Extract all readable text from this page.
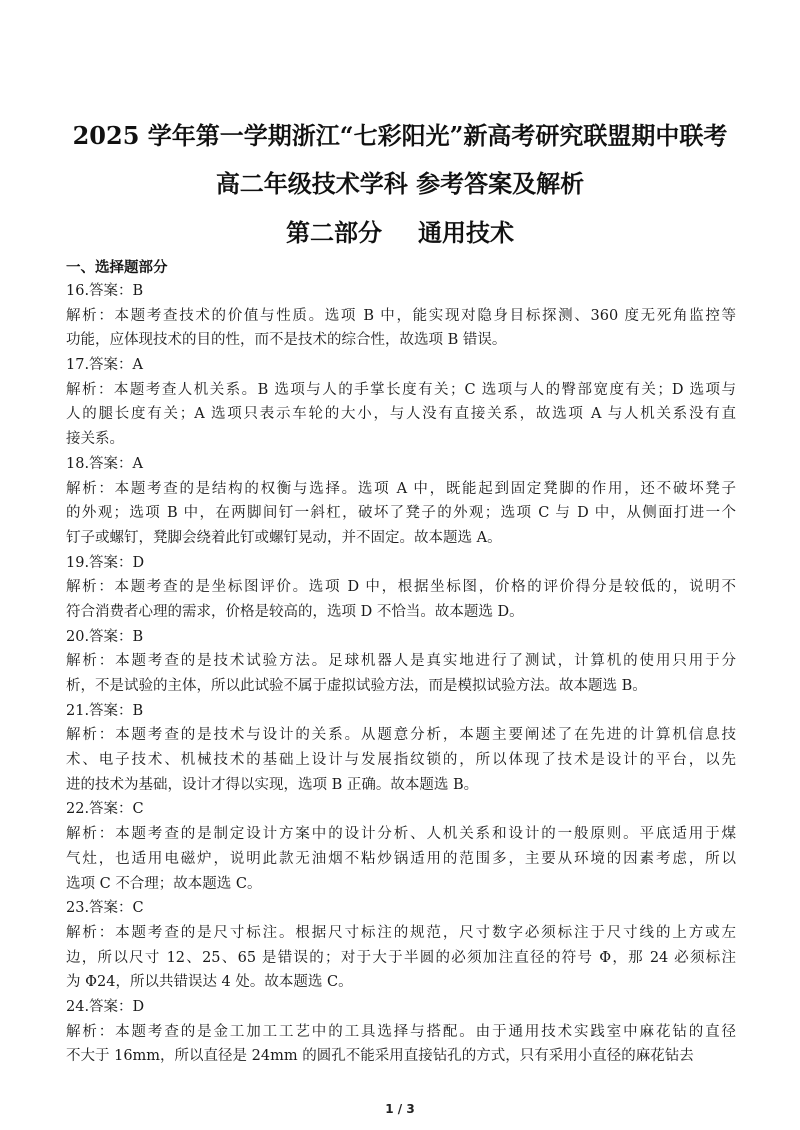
2025 学年第一学期浙江“七彩阳光”新高考研究联盟期中联考
高二年级技术学科 参考答案及解析
第二部分 通用技术
一、选择题部分
16.答案：B
解析：本题考查技术的价值与性质。选项 B 中，能实现对隐身目标探测、360 度无死角监控等
功能，应体现技术的目的性，而不是技术的综合性，故选项 B 错误。
17.答案：A
解析：本题考查人机关系。B 选项与人的手掌长度有关；C 选项与人的臀部宽度有关；D 选项与
人的腿长度有关；A 选项只表示车轮的大小，与人没有直接关系，故选项 A 与人机关系没有直
接关系。
18.答案：A
解析：本题考查的是结构的权衡与选择。选项 A 中，既能起到固定凳脚的作用，还不破坏凳子
的外观；选项 B 中，在两脚间钉一斜杠，破坏了凳子的外观；选项 C 与 D 中，从侧面打进一个
钉子或螺钉，凳脚会绕着此钉或螺钉晃动，并不固定。故本题选 A。
19.答案：D
解析：本题考查的是坐标图评价。选项 D 中，根据坐标图，价格的评价得分是较低的，说明不
符合消费者心理的需求，价格是较高的，选项 D 不恰当。故本题选 D。
20.答案：B
解析：本题考查的是技术试验方法。足球机器人是真实地进行了测试，计算机的使用只用于分
析，不是试验的主体，所以此试验不属于虚拟试验方法，而是模拟试验方法。故本题选 B。
21.答案：B
解析：本题考查的是技术与设计的关系。从题意分析，本题主要阐述了在先进的计算机信息技
术、电子技术、机械技术的基础上设计与发展指纹锁的，所以体现了技术是设计的平台，以先
进的技术为基础，设计才得以实现，选项 B 正确。故本题选 B。
22.答案：C
解析：本题考查的是制定设计方案中的设计分析、人机关系和设计的一般原则。平底适用于煤
气灶，也适用电磁炉，说明此款无油烟不粘炒锅适用的范围多，主要从环境的因素考虑，所以
选项 C 不合理；故本题选 C。
23.答案：C
解析：本题考查的是尺寸标注。根据尺寸标注的规范，尺寸数字必须标注于尺寸线的上方或左
边，所以尺寸 12、25、65 是错误的；对于大于半圆的必须加注直径的符号 Φ，那 24 必须标注
为 Φ24，所以共错误达 4 处。故本题选 C。
24.答案：D
解析：本题考查的是金工加工工艺中的工具选择与搭配。由于通用技术实践室中麻花钻的直径
不大于 16mm，所以直径是 24mm 的圆孔不能采用直接钻孔的方式，只有采用小直径的麻花钻去
1 / 3
